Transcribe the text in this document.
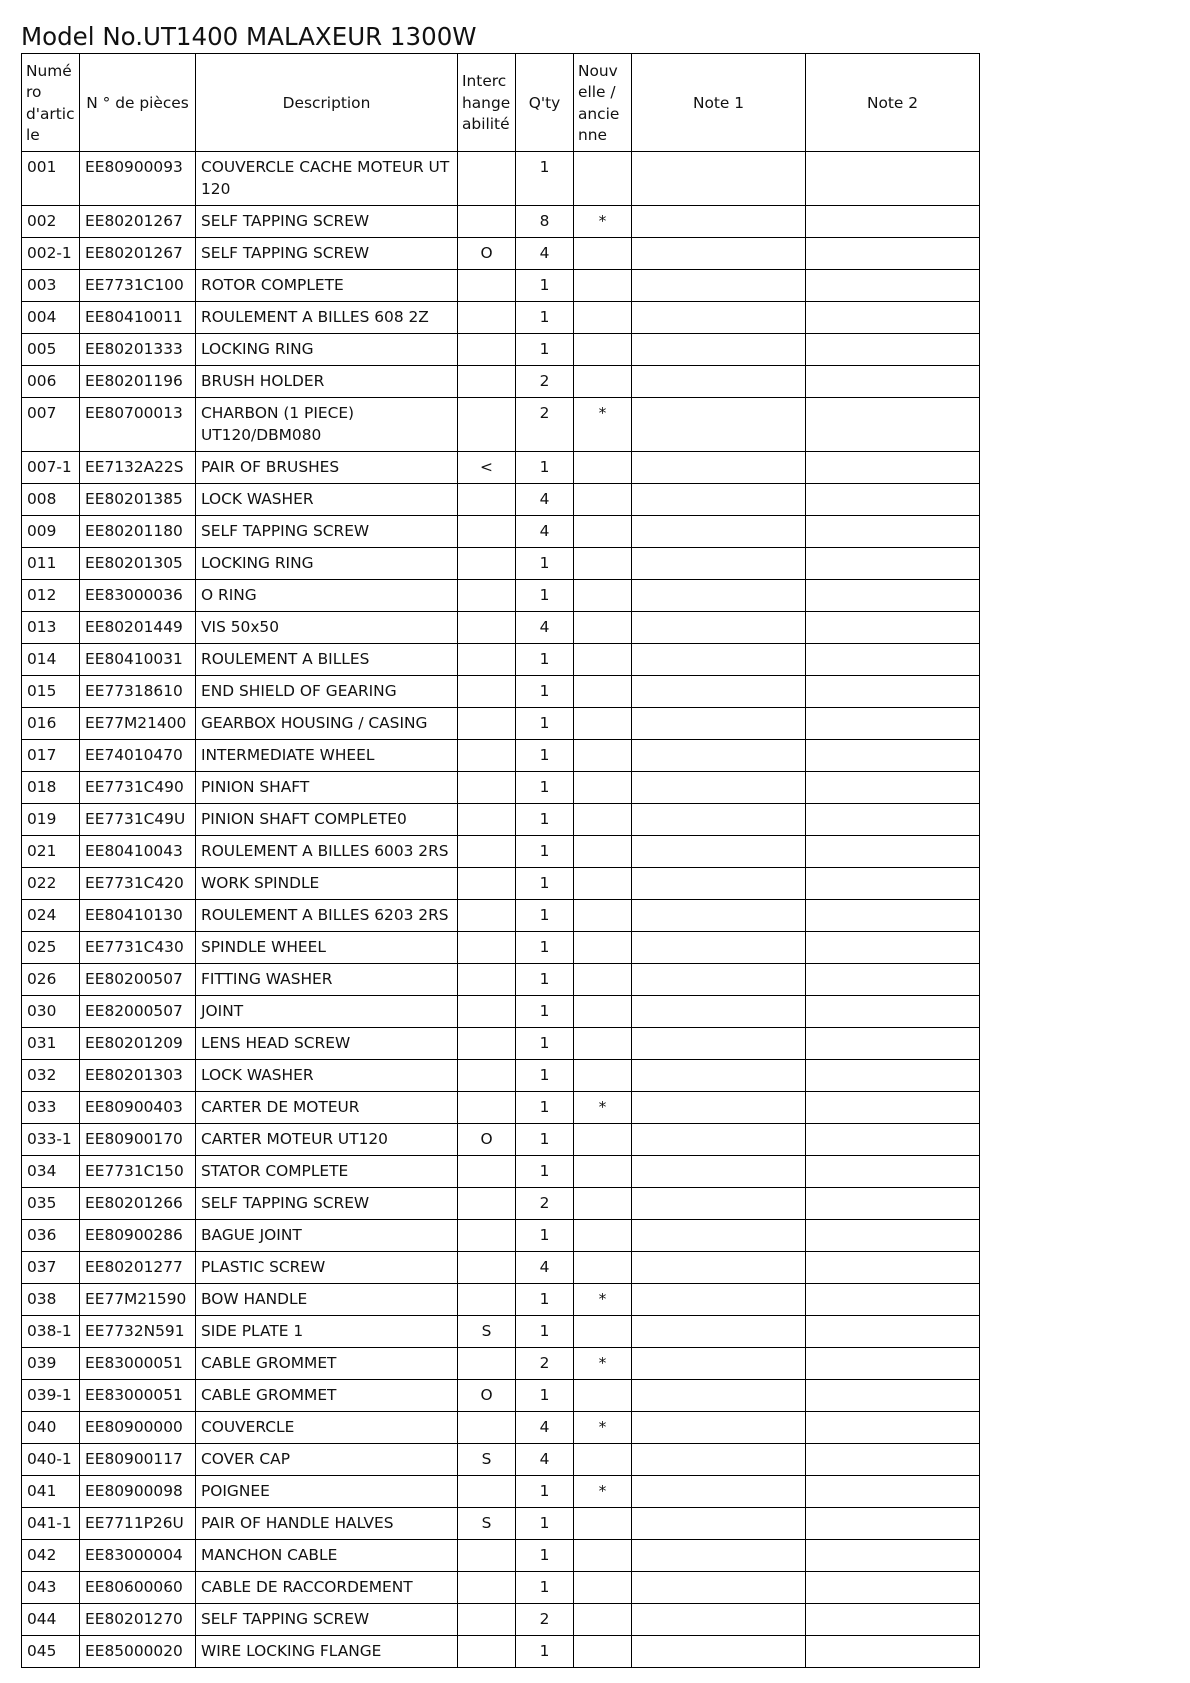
Model No.UT1400 MALAXEUR 1300W
Numéro d'article	N ° de pièces	Description	Interchangeabilité	Q'ty	Nouvelle / ancienne	Note 1	Note 2
001	EE80900093	COUVERCLE CACHE MOTEUR UT 120		1			
002	EE80201267	SELF TAPPING SCREW		8	*		
002-1	EE80201267	SELF TAPPING SCREW	O	4			
003	EE7731C100	ROTOR COMPLETE		1			
004	EE80410011	ROULEMENT A BILLES 608 2Z		1			
005	EE80201333	LOCKING RING		1			
006	EE80201196	BRUSH HOLDER		2			
007	EE80700013	CHARBON (1 PIECE) UT120/DBM080		2	*		
007-1	EE7132A22S	PAIR OF BRUSHES	<	1			
008	EE80201385	LOCK WASHER		4			
009	EE80201180	SELF TAPPING SCREW		4			
011	EE80201305	LOCKING RING		1			
012	EE83000036	O RING		1			
013	EE80201449	VIS 50x50		4			
014	EE80410031	ROULEMENT A BILLES		1			
015	EE77318610	END SHIELD OF GEARING		1			
016	EE77M21400	GEARBOX HOUSING / CASING		1			
017	EE74010470	INTERMEDIATE WHEEL		1			
018	EE7731C490	PINION SHAFT		1			
019	EE7731C49U	PINION SHAFT COMPLETE0		1			
021	EE80410043	ROULEMENT A BILLES 6003 2RS		1			
022	EE7731C420	WORK SPINDLE		1			
024	EE80410130	ROULEMENT A BILLES 6203 2RS		1			
025	EE7731C430	SPINDLE WHEEL		1			
026	EE80200507	FITTING WASHER		1			
030	EE82000507	JOINT		1			
031	EE80201209	LENS HEAD SCREW		1			
032	EE80201303	LOCK WASHER		1			
033	EE80900403	CARTER DE MOTEUR		1	*		
033-1	EE80900170	CARTER MOTEUR UT120	O	1			
034	EE7731C150	STATOR COMPLETE		1			
035	EE80201266	SELF TAPPING SCREW		2			
036	EE80900286	BAGUE JOINT		1			
037	EE80201277	PLASTIC SCREW		4			
038	EE77M21590	BOW HANDLE		1	*		
038-1	EE7732N591	SIDE PLATE 1	S	1			
039	EE83000051	CABLE GROMMET		2	*		
039-1	EE83000051	CABLE GROMMET	O	1			
040	EE80900000	COUVERCLE		4	*		
040-1	EE80900117	COVER CAP	S	4			
041	EE80900098	POIGNEE		1	*		
041-1	EE7711P26U	PAIR OF HANDLE HALVES	S	1			
042	EE83000004	MANCHON CABLE		1			
043	EE80600060	CABLE DE RACCORDEMENT		1			
044	EE80201270	SELF TAPPING SCREW		2			
045	EE85000020	WIRE LOCKING FLANGE		1			
